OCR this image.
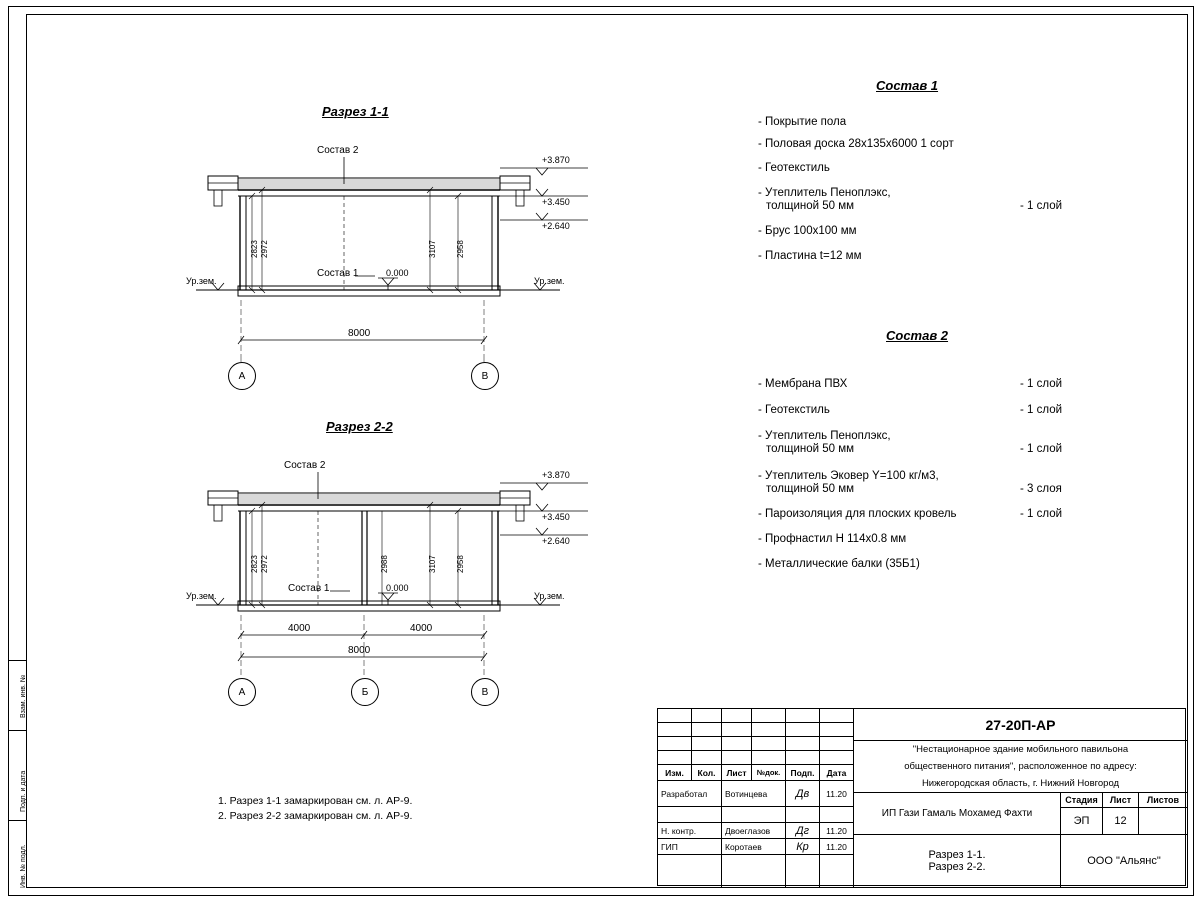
Взам. инв. №
Подп. и дата
Инв. № подл.
Разрез 1-1
Состав 2
Состав 1
+3.870
+3.450
+2.640
0.000
Ур.зем.	Ур.зем.
2823 2972	3107 2958
8000
А	В
Разрез 2-2
Состав 2
Состав 1
+3.870
+3.450
+2.640
0.000
Ур.зем.	Ур.зем.
2823 2972	2988	3107 2958
4000	4000
8000
А	Б	В
Состав 1
- Покрытие пола
- Половая доска 28х135х6000 1 сорт
- Геотекстиль
- Утеплитель Пеноплэкс,
толщиной 50 мм	- 1 слой
- Брус 100х100 мм
- Пластина t=12 мм
Состав 2
- Мембрана ПВХ	- 1 слой
- Геотекстиль	- 1 слой
- Утеплитель Пеноплэкс,
толщиной 50 мм	- 1 слой
- Утеплитель Эковер Y=100 кг/м3,
толщиной 50 мм	- 3 слоя
- Пароизоляция для плоских кровель	- 1 слой
- Профнастил Н 114х0.8 мм
- Металлические балки (35Б1)
1. Разрез 1-1 замаркирован см. л. АР-9.
2. Разрез 2-2 замаркирован см. л. АР-9.
Изм.	Кол.	Лист	№док.	Подп.	Дата
Разработал	Вотинцева	Дв	11.20
Н. контр.	Двоеглазов	Дг	11.20
ГИП	Коротаев	Кр	11.20
27-20П-АР
"Нестационарное здание мобильного павильона
общественного питания", расположенное по адресу:
Нижегородская область, г. Нижний Новгород
ИП Гази Гамаль Мохамед Фахти
Стадия	Лист	Листов
ЭП	12
Разрез 1-1.
Разрез 2-2.	ООО "Альянс"
